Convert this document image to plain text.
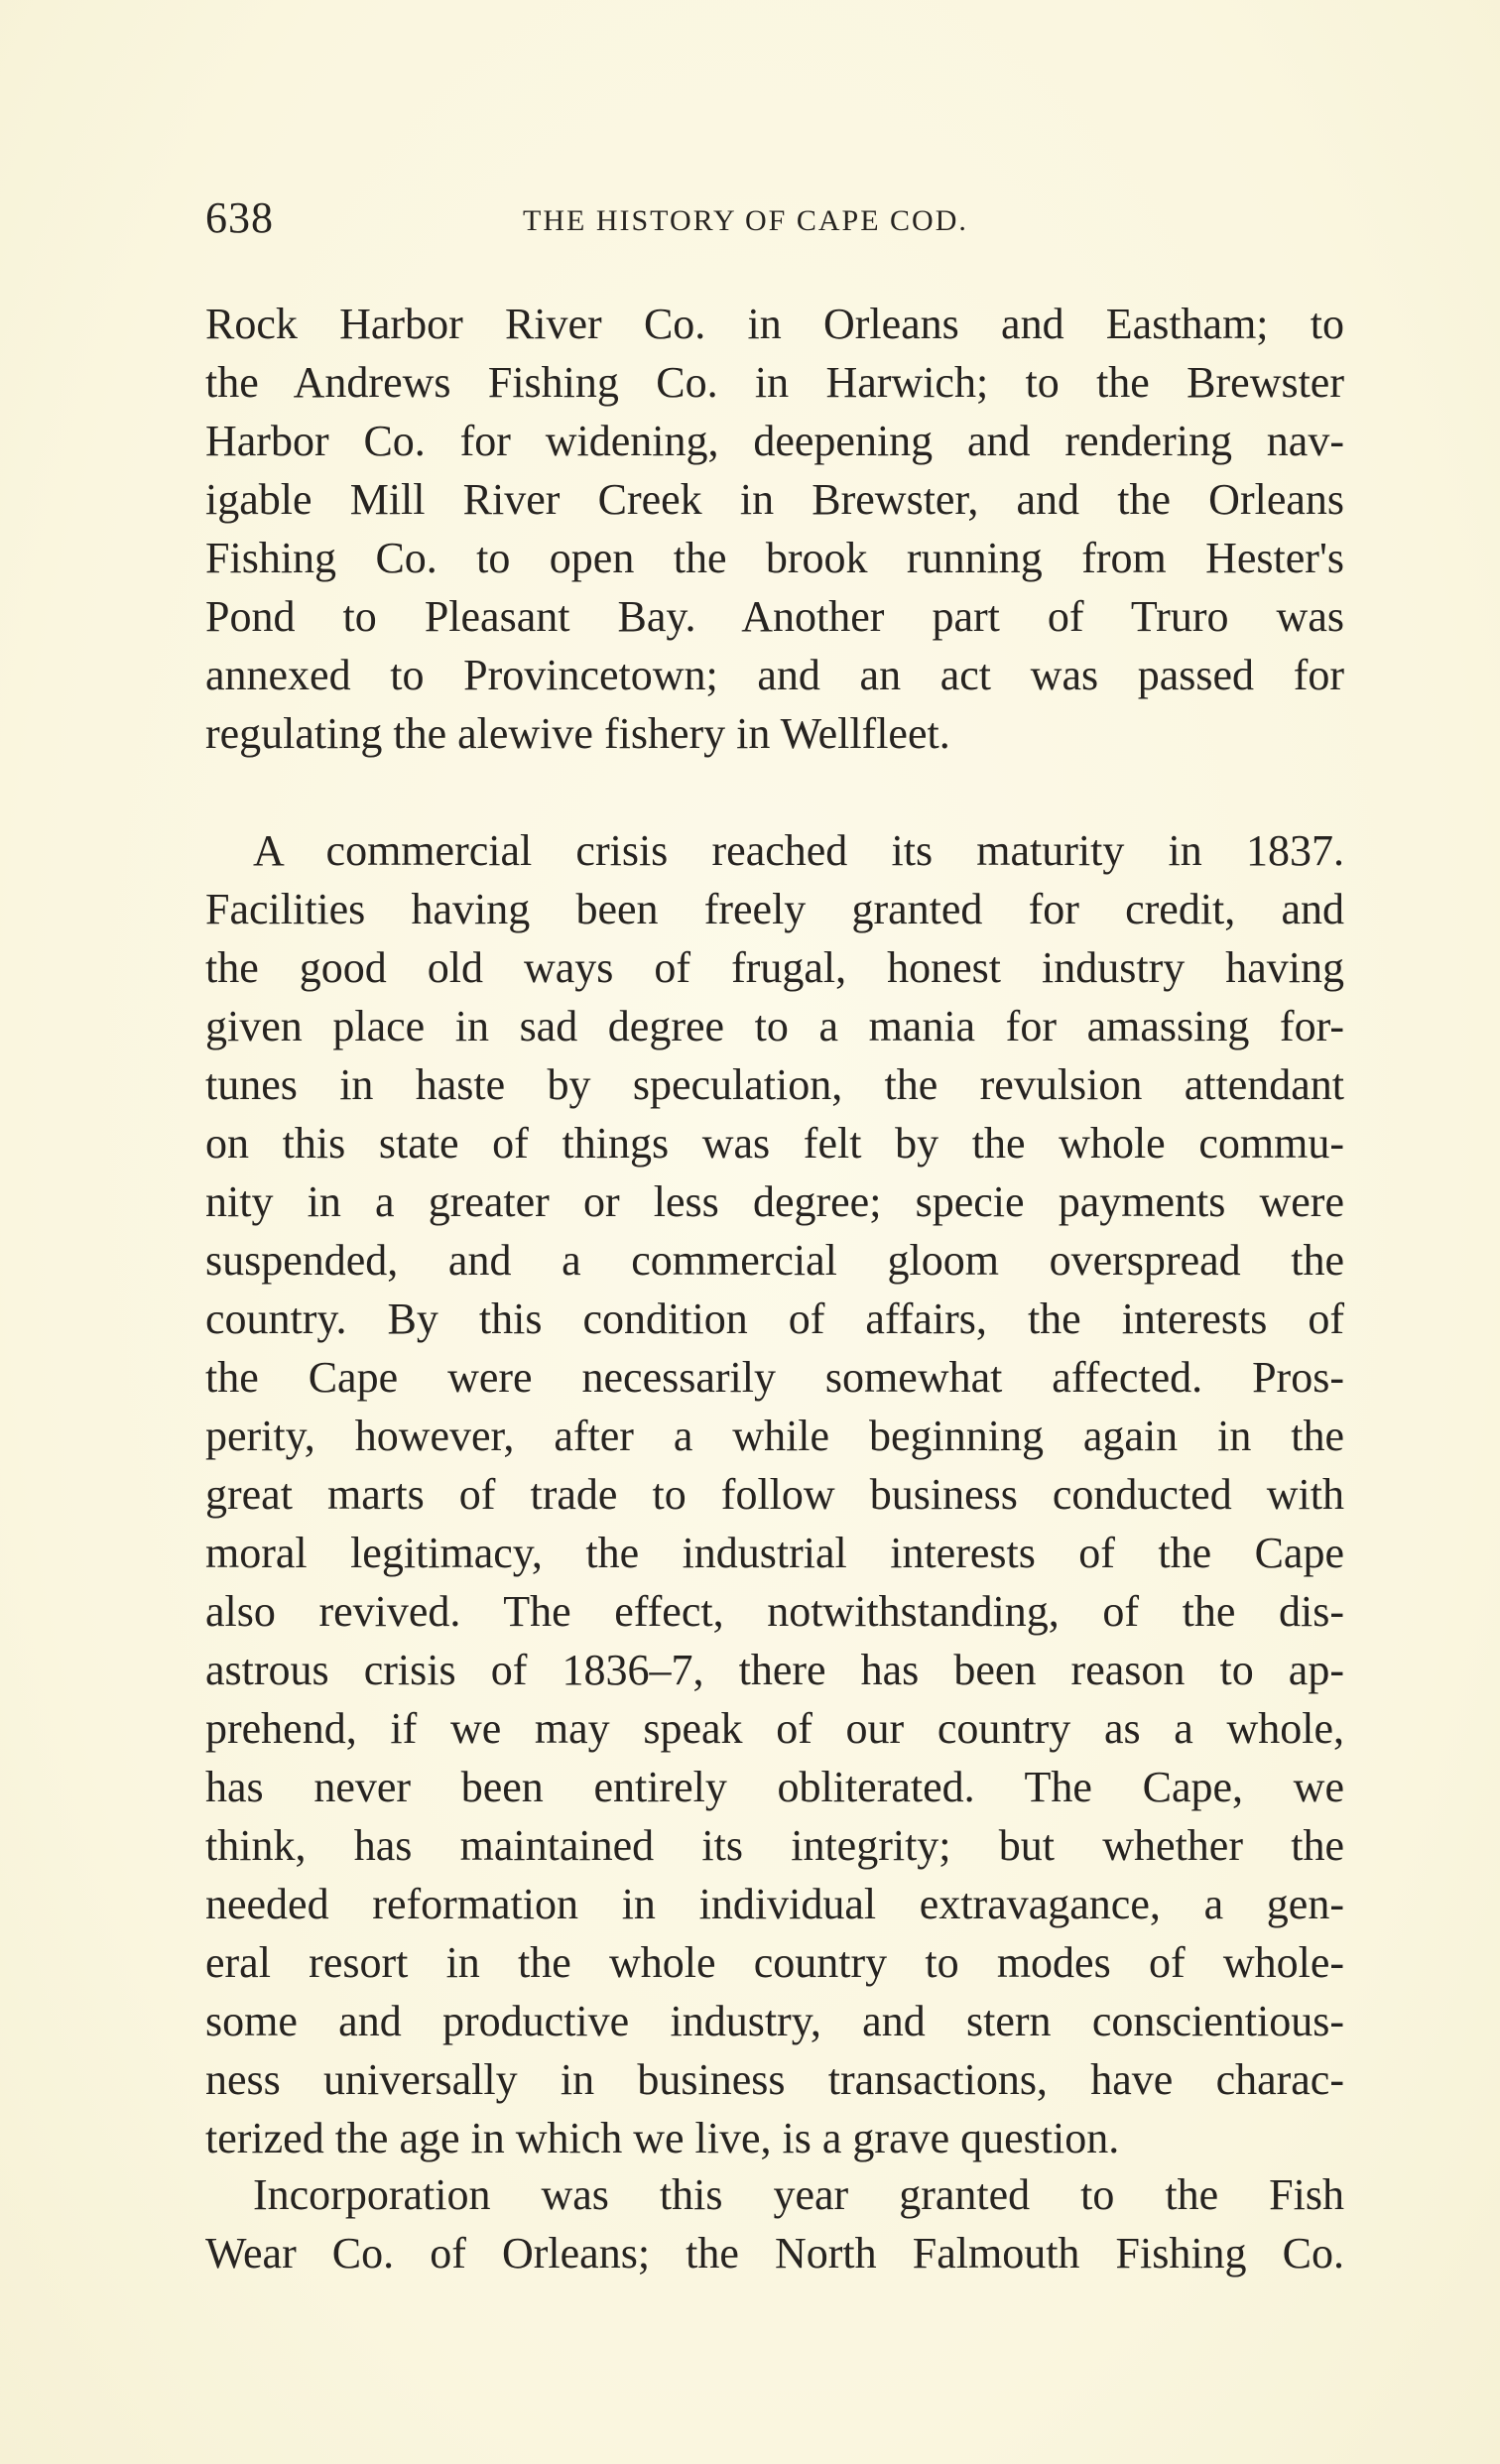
638	THE HISTORY OF CAPE COD.

Rock Harbor River Co. in Orleans and Eastham; to
the Andrews Fishing Co. in Harwich; to the Brewster
Harbor Co. for widening, deepening and rendering nav-
igable Mill River Creek in Brewster, and the Orleans
Fishing Co. to open the brook running from Hester's
Pond to Pleasant Bay. Another part of Truro was
annexed to Provincetown; and an act was passed for
regulating the alewive fishery in Wellfleet.

A commercial crisis reached its maturity in 1837.
Facilities having been freely granted for credit, and
the good old ways of frugal, honest industry having
given place in sad degree to a mania for amassing for-
tunes in haste by speculation, the revulsion attendant
on this state of things was felt by the whole commu-
nity in a greater or less degree; specie payments were
suspended, and a commercial gloom overspread the
country. By this condition of affairs, the interests of
the Cape were necessarily somewhat affected. Pros-
perity, however, after a while beginning again in the
great marts of trade to follow business conducted with
moral legitimacy, the industrial interests of the Cape
also revived. The effect, notwithstanding, of the dis-
astrous crisis of 1836–7, there has been reason to ap-
prehend, if we may speak of our country as a whole,
has never been entirely obliterated. The Cape, we
think, has maintained its integrity; but whether the
needed reformation in individual extravagance, a gen-
eral resort in the whole country to modes of whole-
some and productive industry, and stern conscientious-
ness universally in business transactions, have charac-
terized the age in which we live, is a grave question.

Incorporation was this year granted to the Fish
Wear Co. of Orleans; the North Falmouth Fishing Co.
